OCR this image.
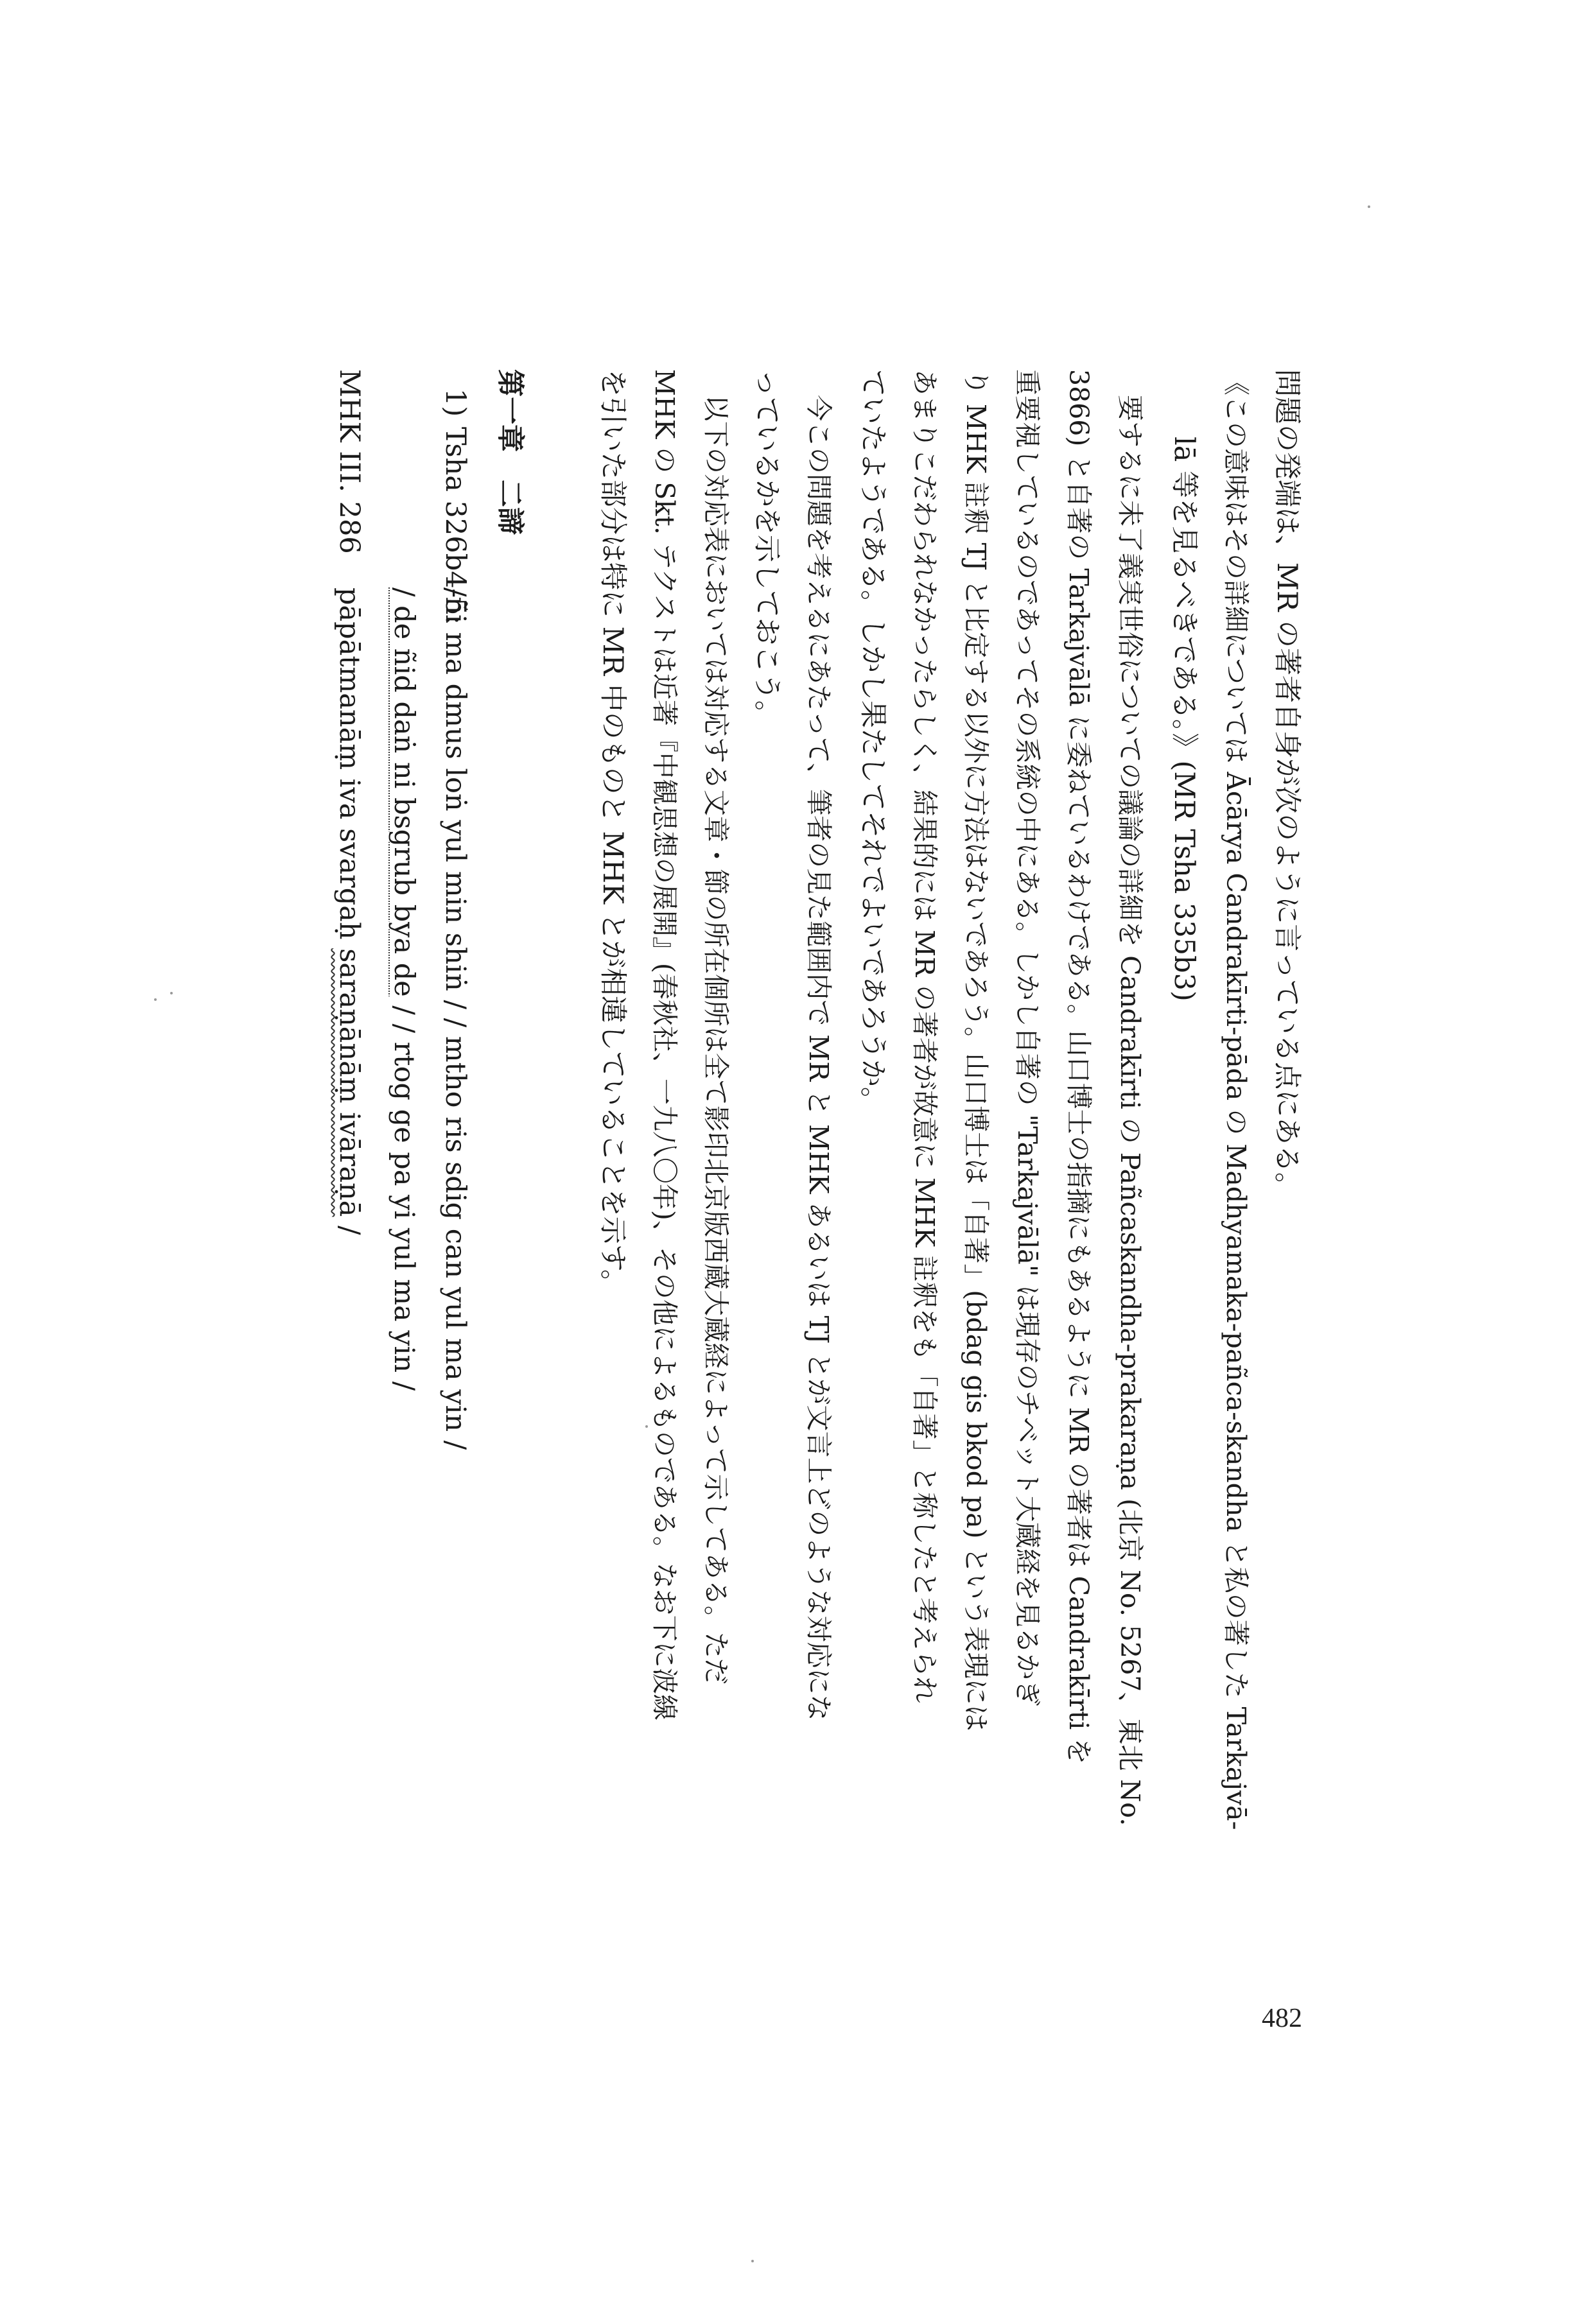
問題の発端は、MR の著者自身が次のように言っている点にある。
《この意味はその詳細については Ācārya Candrakīrti-pāda の Madhyamaka-pañca-skandha と私の著した Tarkajvā-
lā 等を見るべきである。》(MR Tsha 335b3)
要するに未了義実世俗についての議論の詳細を Candrakīrti の Pañcaskandha-prakaraṇa (北京 No. 5267、東北 No.
3866) と自著の Tarkajvālā に委ねているわけである。山口博士の指摘にもあるように MR の著者は Candrakīrti を
重要視しているのであってその系統の中にある。しかし自著の "Tarkajvālā" は現存のチベット大蔵経を見るかぎ
り MHK 註釈 TJ と比定する以外に方法はないであろう。山口博士は「自著」(bdag gis bkod pa) という表現には
あまりこだわられなかったらしく、結果的には MR の著者が故意に MHK 註釈をも「自著」と称したと考えられ
ていたようである。しかし果たしてそれでよいであろうか。
今この問題を考えるにあたって、筆者の見た範囲内で MR と MHK あるいは TJ とが文言上どのような対応にな
っているかを示しておこう。
以下の対応表においては対応する文章・節の所在個所は全て影印北京版西蔵大蔵経によって示してある。ただ
MHK の Skt. テクストは近著『中観思想の展開』(春秋社、一九八〇年)、その他によるものである。なお下に波線
を引いた部分は特に MR 中のものと MHK とが相違していることを示す。
第一章　二諦
1)
Tsha 326b4-5:
/ñi ma dmus loṅ yul min shiṅ / / mtho ris sdig can yul ma yin /
/ de ñid daṅ ni bsgrub bya de / / rtog ge pa yi yul ma yin /
MHK III. 286
pāpātmanāṃ iva svargaḥ saraṇānāṃ ivāraṇā /
482
